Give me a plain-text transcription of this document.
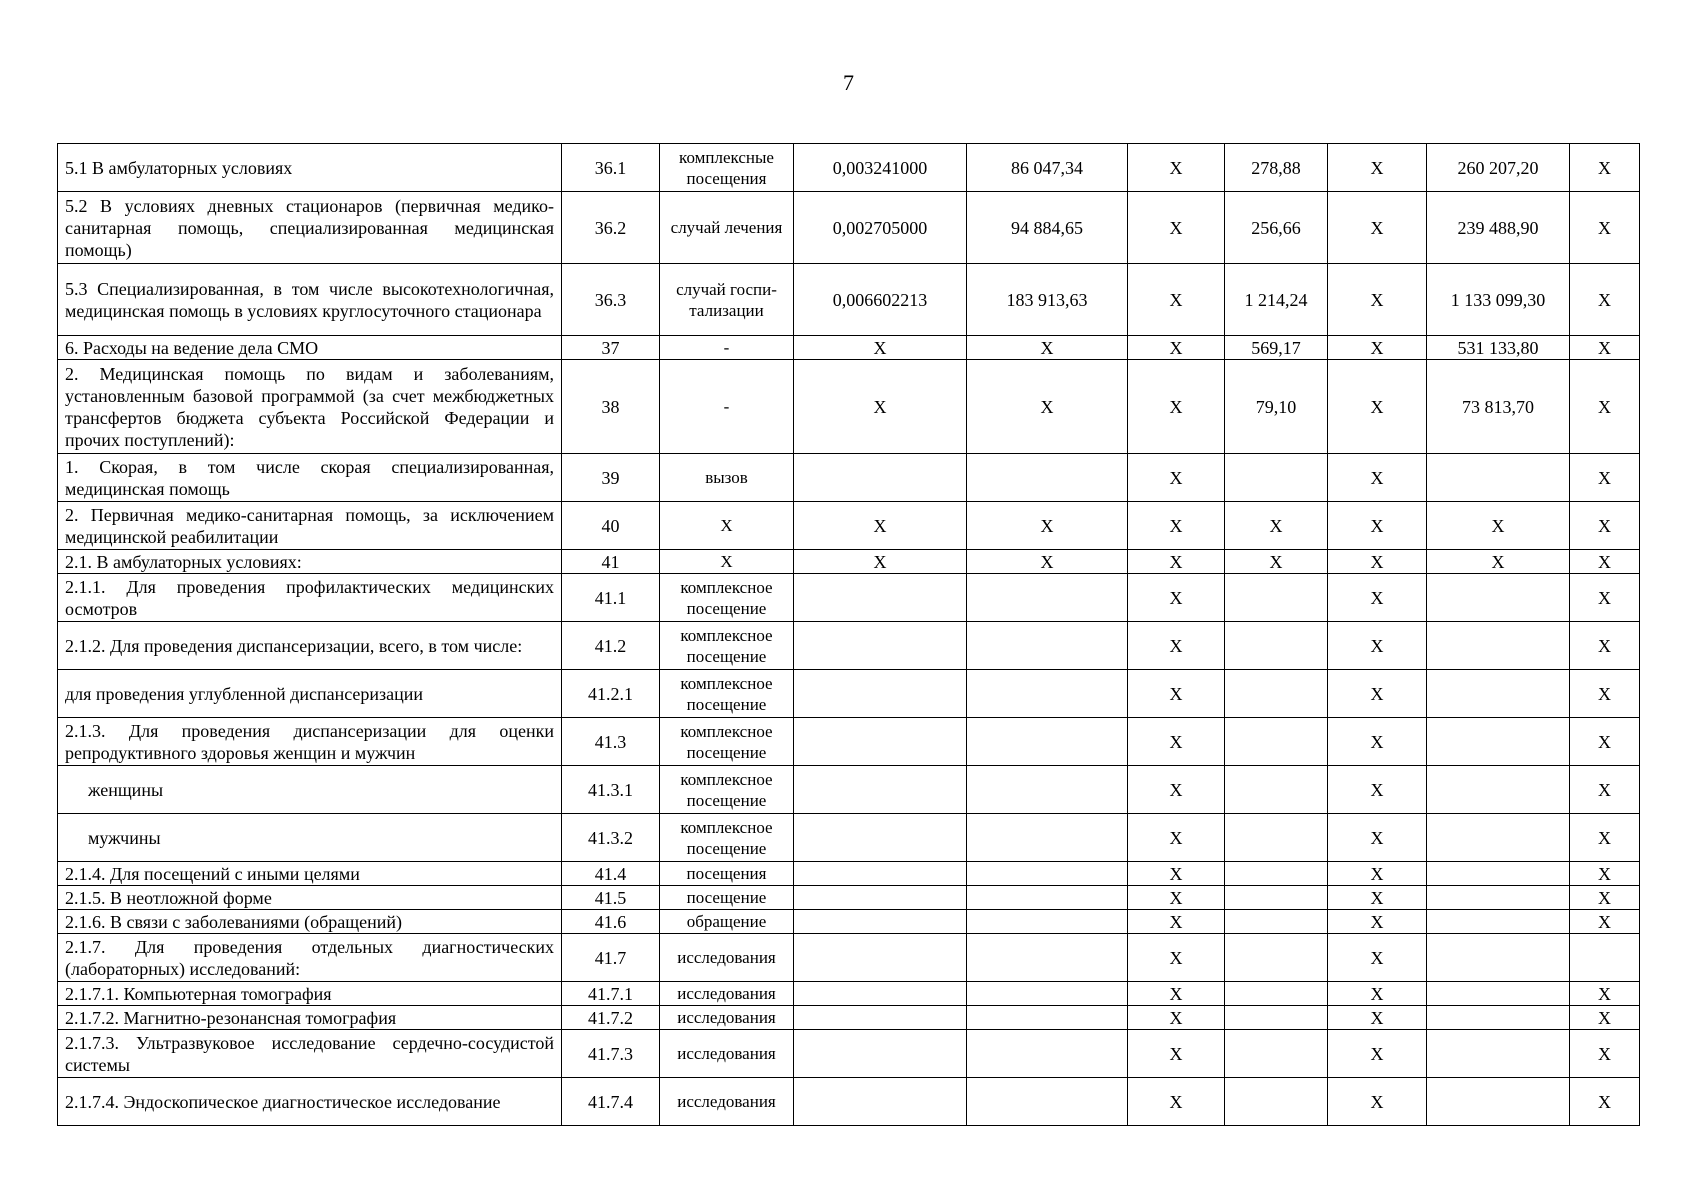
7
5.1 В амбулаторных условиях	36.1	комплексные посещения	0,003241000	86 047,34	Х	278,88	Х	260 207,20	Х
5.2 В условиях дневных стационаров (первичная медико-санитарная помощь, специализированная медицинская помощь)	36.2	случай лечения	0,002705000	94 884,65	Х	256,66	Х	239 488,90	Х
5.3 Специализированная, в том числе высокотехнологичная, медицинская помощь в условиях круглосуточного стационара	36.3	случай госпи-тализации	0,006602213	183 913,63	Х	1 214,24	Х	1 133 099,30	Х
6. Расходы на ведение дела СМО	37	-	Х	Х	Х	569,17	Х	531 133,80	Х
2. Медицинская помощь по видам и заболеваниям, установленным базовой программой (за счет межбюджетных трансфертов бюджета субъекта Российской Федерации и прочих поступлений):	38	-	Х	Х	Х	79,10	Х	73 813,70	Х
1. Скорая, в том числе скорая специализированная, медицинская помощь	39	вызов			Х		Х		Х
2. Первичная медико-санитарная помощь, за исключением медицинской реабилитации	40	Х	Х	Х	Х	Х	Х	Х	Х
2.1. В амбулаторных условиях:	41	Х	Х	Х	Х	Х	Х	Х	Х
2.1.1. Для проведения профилактических медицинских осмотров	41.1	комплексное посещение			Х		Х		Х
2.1.2. Для проведения диспансеризации, всего, в том числе:	41.2	комплексное посещение			Х		Х		Х
для проведения углубленной диспансеризации	41.2.1	комплексное посещение			Х		Х		Х
2.1.3. Для проведения диспансеризации для оценки репродуктивного здоровья женщин и мужчин	41.3	комплексное посещение			Х		Х		Х
женщины	41.3.1	комплексное посещение			Х		Х		Х
мужчины	41.3.2	комплексное посещение			Х		Х		Х
2.1.4. Для посещений с иными целями	41.4	посещения			Х		Х		Х
2.1.5. В неотложной форме	41.5	посещение			Х		Х		Х
2.1.6. В связи с заболеваниями (обращений)	41.6	обращение			Х		Х		Х
2.1.7. Для проведения отдельных диагностических (лабораторных) исследований:	41.7	исследования			Х		Х		
2.1.7.1. Компьютерная томография	41.7.1	исследования			Х		Х		Х
2.1.7.2. Магнитно-резонансная томография	41.7.2	исследования			Х		Х		Х
2.1.7.3. Ультразвуковое исследование сердечно-сосудистой системы	41.7.3	исследования			Х		Х		Х
2.1.7.4. Эндоскопическое диагностическое исследование	41.7.4	исследования			Х		Х		Х
